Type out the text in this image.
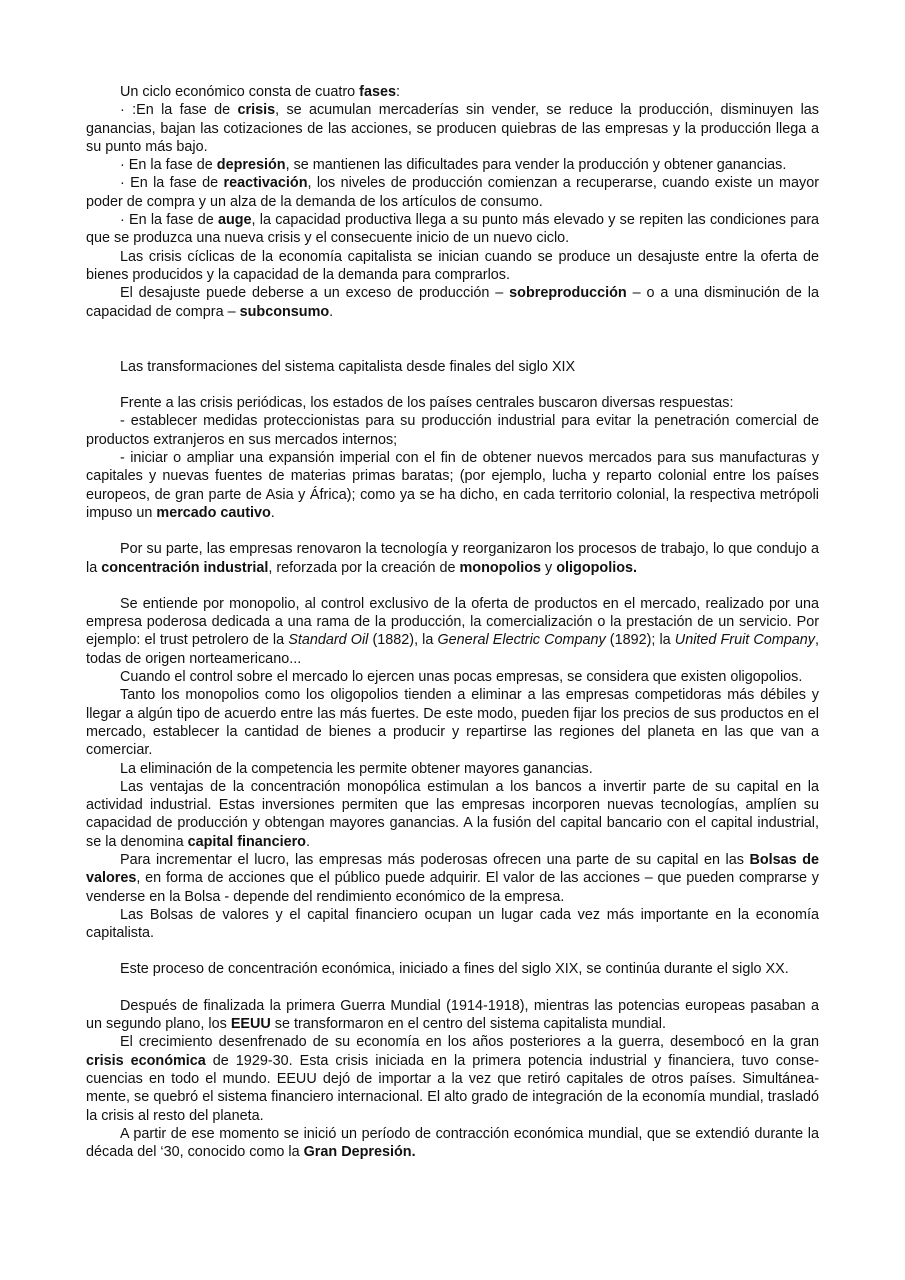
Un ciclo económico consta de cuatro fases:

· :En la fase de crisis, se acumulan mercaderías sin vender, se reduce la producción, disminuyen las ganancias, bajan las cotizaciones de las acciones, se producen quiebras de las empresas y la producción llega a su punto más bajo.

· En la fase de depresión, se mantienen las dificultades para vender la producción y obtener ganancias.

· En la fase de reactivación, los niveles de producción comienzan a recuperarse, cuando existe un mayor poder de compra y un alza de la demanda de los artículos de consumo.

· En la fase de auge, la capacidad productiva llega a su punto más elevado y se repiten las condiciones para que se produzca una nueva crisis y el consecuente inicio de un nuevo ciclo.

Las crisis cíclicas de la economía capitalista se inician cuando se produce un desajuste entre la oferta de bienes producidos y la capacidad de la demanda para comprarlos.

El desajuste puede deberse a un exceso de producción – sobreproducción – o a una disminución de la capacidad de compra – subconsumo.

Las transformaciones del sistema capitalista desde finales del siglo XIX

Frente a las crisis periódicas, los estados de los países centrales buscaron diversas respuestas:

- establecer medidas proteccionistas para su producción industrial para evitar la penetración comercial de productos extranjeros en sus mercados internos;

- iniciar o ampliar una expansión imperial con el fin de obtener nuevos mercados para sus manufacturas y capitales y nuevas fuentes de materias primas baratas; (por ejemplo, lucha y reparto colonial entre los países europeos, de gran parte de Asia y África); como ya se ha dicho, en cada territorio colonial, la respectiva metrópoli impuso un mercado cautivo.

Por su parte, las empresas renovaron la tecnología y reorganizaron los procesos de trabajo, lo que condujo a la concentración industrial, reforzada por la creación de monopolios y oligopolios.

Se entiende por monopolio, al control exclusivo de la oferta de productos en el mercado, realizado por una empresa poderosa dedicada a una rama de la producción, la comercialización o la prestación de un servicio. Por ejemplo: el trust petrolero de la Standard Oil (1882), la General Electric Company (1892); la United Fruit Company, todas de origen norteamericano...

Cuando el control sobre el mercado lo ejercen unas pocas empresas, se considera que existen oligopolios.

Tanto los monopolios como los oligopolios tienden a eliminar a las empresas competidoras más débiles y llegar a algún tipo de acuerdo entre las más fuertes. De este modo, pueden fijar los precios de sus productos en el mercado, establecer la cantidad de bienes a producir y repartirse las regiones del planeta en las que van a comerciar.

La eliminación de la competencia les permite obtener mayores ganancias.

Las ventajas de la concentración monopólica estimulan a los bancos a invertir parte de su capital en la actividad industrial. Estas inversiones permiten que las empresas incorporen nuevas tecnologías, amplíen su capacidad de producción y obtengan mayores ganancias. A la fusión del capital bancario con el capital industrial, se la denomina capital financiero.

Para incrementar el lucro, las empresas más poderosas ofrecen una parte de su capital en las Bolsas de valores, en forma de acciones que el público puede adquirir. El valor de las acciones – que pueden comprarse y venderse en la Bolsa - depende del rendimiento económico de la empresa.

Las Bolsas de valores y el capital financiero ocupan un lugar cada vez más importante en la economía capitalista.

Este proceso de concentración económica, iniciado a fines del siglo XIX, se continúa durante el siglo XX.

Después de finalizada la primera Guerra Mundial (1914-1918), mientras las potencias europeas pasaban a un segundo plano, los EEUU se transformaron en el centro del sistema capitalista mundial.

El crecimiento desenfrenado de su economía en los años posteriores a la guerra, desembocó en la gran crisis económica de 1929-30. Esta crisis iniciada en la primera potencia industrial y financiera, tuvo consecuencias en todo el mundo. EEUU dejó de importar a la vez que retiró capitales de otros países. Simultáneamente, se quebró el sistema financiero internacional. El alto grado de integración de la economía mundial, trasladó la crisis al resto del planeta.

A partir de ese momento se inició un período de contracción económica mundial, que se extendió durante la década del ‘30, conocido como la Gran Depresión.
